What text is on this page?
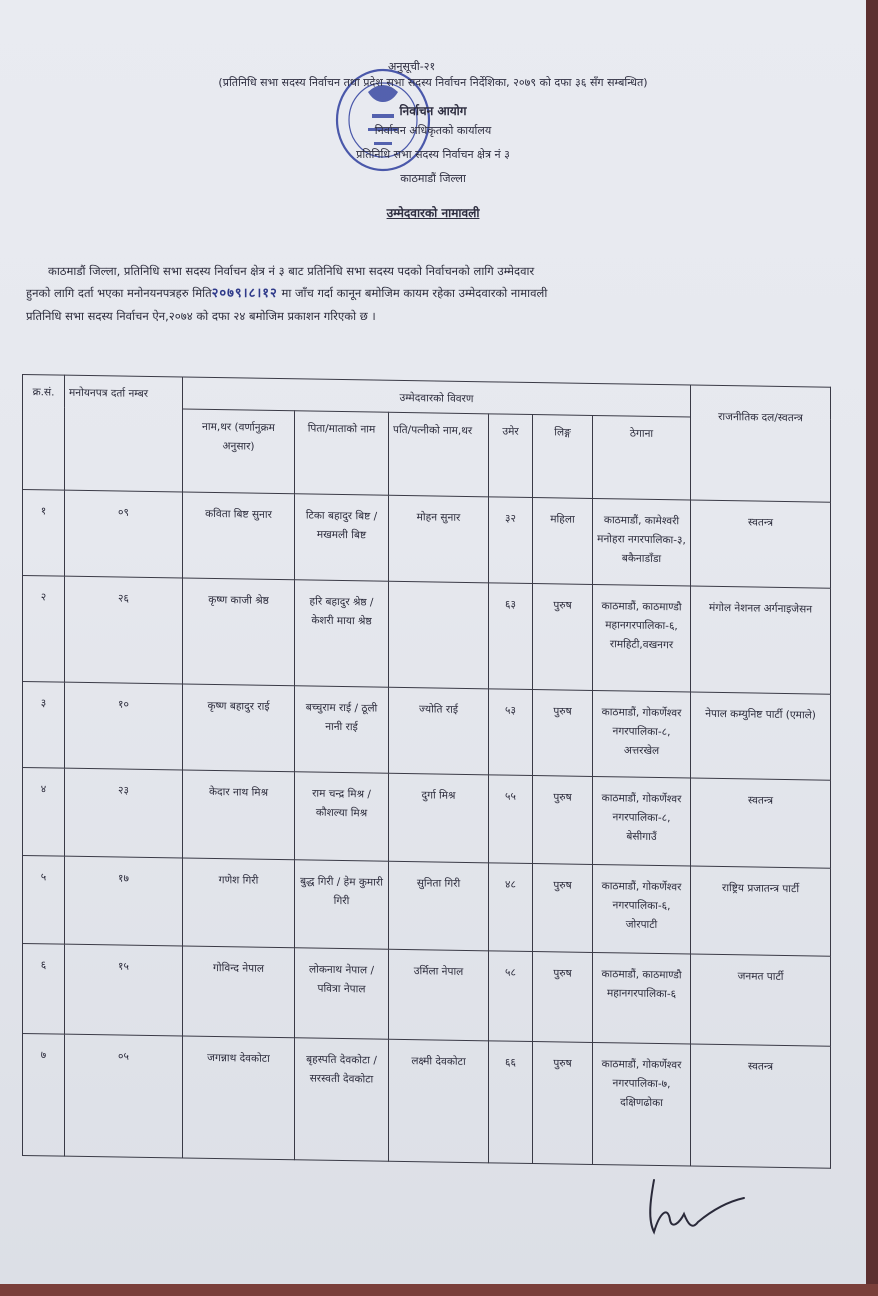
अनुसूची-२१
(प्रतिनिधि सभा सदस्य निर्वाचन तथा प्रदेश सभा सदस्य निर्वाचन निर्देशिका, २०७९ को दफा ३६ सँग सम्बन्धित)
निर्वाचन आयोग
निर्वाचन अधिकृतको कार्यालय
प्रतिनिधि सभा सदस्य निर्वाचन क्षेत्र नं ३
काठमाडौं जिल्ला
उम्मेदवारको नामावली
काठमाडौं जिल्ला, प्रतिनिधि सभा सदस्य निर्वाचन क्षेत्र नं ३ बाट प्रतिनिधि सभा सदस्य पदको निर्वाचनको लागि उम्मेदवार
हुनको लागि दर्ता भएका मनोनयनपत्रहरु मिति२०७९।८।१२ मा जाँच गर्दा कानून बमोजिम कायम रहेका उम्मेदवारको नामावली
प्रतिनिधि सभा सदस्य निर्वाचन ऐन,२०७४ को दफा २४ बमोजिम प्रकाशन गरिएको छ ।
क्र.सं.	मनोयनपत्र दर्ता नम्बर	उम्मेदवारको विवरण						राजनीतिक दल/स्वतन्त्र
		नाम,थर (वर्णानुक्रम अनुसार)	पिता/माताको नाम	पति/पत्नीको नाम,थर	उमेर	लिङ्ग	ठेगाना	
१	०९	कविता बिष्ट सुनार	टिका बहादुर बिष्ट / मखमली बिष्ट	मोहन सुनार	३२	महिला	काठमाडौं, कामेश्वरी मनोहरा नगरपालिका-३, बकैनाडाँडा	स्वतन्त्र
२	२६	कृष्ण काजी श्रेष्ठ	हरि बहादुर श्रेष्ठ / केशरी माया श्रेष्ठ		६३	पुरुष	काठमाडौं, काठमाण्डौ महानगरपालिका-६, रामहिटी,वखनगर	मंगोल नेशनल अर्गनाइजेसन
३	१०	कृष्ण बहादुर राई	बच्चुराम राई / ठूली नानी राई	ज्योति राई	५३	पुरुष	काठमाडौं, गोकर्णेश्वर नगरपालिका-८, अत्तरखेल	नेपाल कम्युनिष्ट पार्टी (एमाले)
४	२३	केदार नाथ मिश्र	राम चन्द्र मिश्र / कौशल्या मिश्र	दुर्गा मिश्र	५५	पुरुष	काठमाडौं, गोकर्णेश्वर नगरपालिका-८, बेसीगाउँ	स्वतन्त्र
५	१७	गणेश गिरी	बुद्ध गिरी / हेम कुमारी गिरी	सुनिता गिरी	४८	पुरुष	काठमाडौं, गोकर्णेश्वर नगरपालिका-६, जोरपाटी	राष्ट्रिय प्रजातन्त्र पार्टी
६	१५	गोविन्द नेपाल	लोकनाथ नेपाल / पवित्रा नेपाल	उर्मिला नेपाल	५८	पुरुष	काठमाडौं, काठमाण्डौ महानगरपालिका-६	जनमत पार्टी
७	०५	जगन्नाथ देवकोटा	बृहस्पति देवकोटा / सरस्वती देवकोटा	लक्ष्मी देवकोटा	६६	पुरुष	काठमाडौं, गोकर्णेश्वर नगरपालिका-७, दक्षिणढोका	स्वतन्त्र
